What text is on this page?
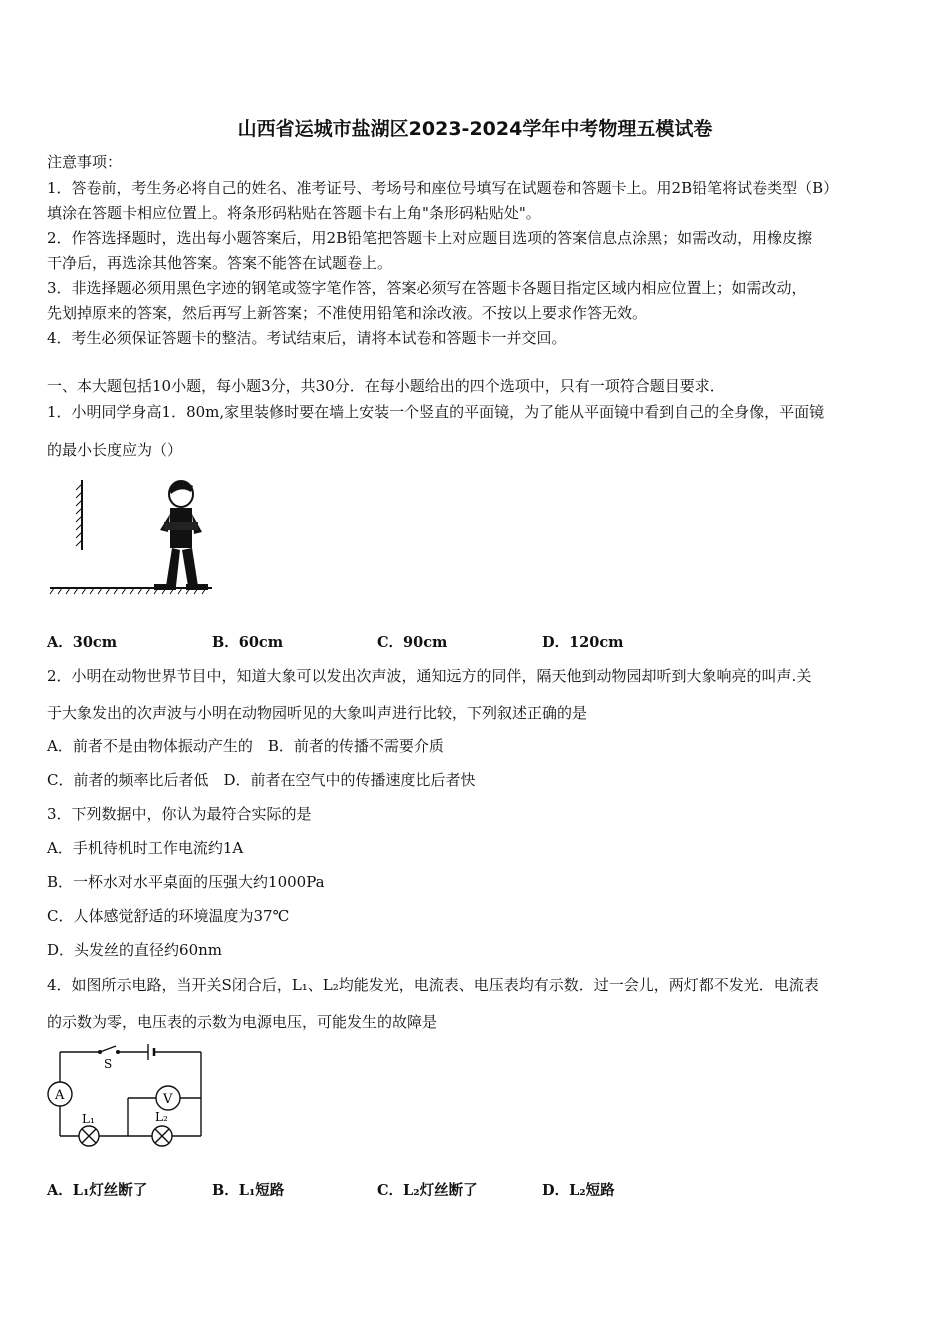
山西省运城市盐湖区2023-2024学年中考物理五模试卷
注意事项：
1．答卷前，考生务必将自己的姓名、准考证号、考场号和座位号填写在试题卷和答题卡上。用2B铅笔将试卷类型（B）
填涂在答题卡相应位置上。将条形码粘贴在答题卡右上角"条形码粘贴处"。
2．作答选择题时，选出每小题答案后，用2B铅笔把答题卡上对应题目选项的答案信息点涂黑；如需改动，用橡皮擦
干净后，再选涂其他答案。答案不能答在试题卷上。
3．非选择题必须用黑色字迹的钢笔或签字笔作答，答案必须写在答题卡各题目指定区域内相应位置上；如需改动，
先划掉原来的答案，然后再写上新答案；不准使用铅笔和涂改液。不按以上要求作答无效。
4．考生必须保证答题卡的整洁。考试结束后，请将本试卷和答题卡一并交回。
一、本大题包括10小题，每小题3分，共30分．在每小题给出的四个选项中，只有一项符合题目要求．
1．小明同学身高1．80m,家里装修时要在墙上安装一个竖直的平面镜，为了能从平面镜中看到自己的全身像，平面镜
的最小长度应为（）
A．30cm	B．60cm	C．90cm	D．120cm
2．小明在动物世界节目中，知道大象可以发出次声波，通知远方的同伴，隔天他到动物园却听到大象响亮的叫声.关
于大象发出的次声波与小明在动物园听见的大象叫声进行比较，下列叙述正确的是
A．前者不是由物体振动产生的　B．前者的传播不需要介质
C．前者的频率比后者低　D．前者在空气中的传播速度比后者快
3．下列数据中，你认为最符合实际的是
A．手机待机时工作电流约1A
B．一杯水对水平桌面的压强大约1000Pa
C．人体感觉舒适的环境温度为37℃
D．头发丝的直径约60nm
4．如图所示电路，当开关S闭合后，L₁、L₂均能发光，电流表、电压表均有示数．过一会儿，两灯都不发光．电流表
的示数为零，电压表的示数为电源电压，可能发生的故障是
S
A	V
L₁	L₂
A．L₁灯丝断了	B．L₁短路	C．L₂灯丝断了	D．L₂短路
